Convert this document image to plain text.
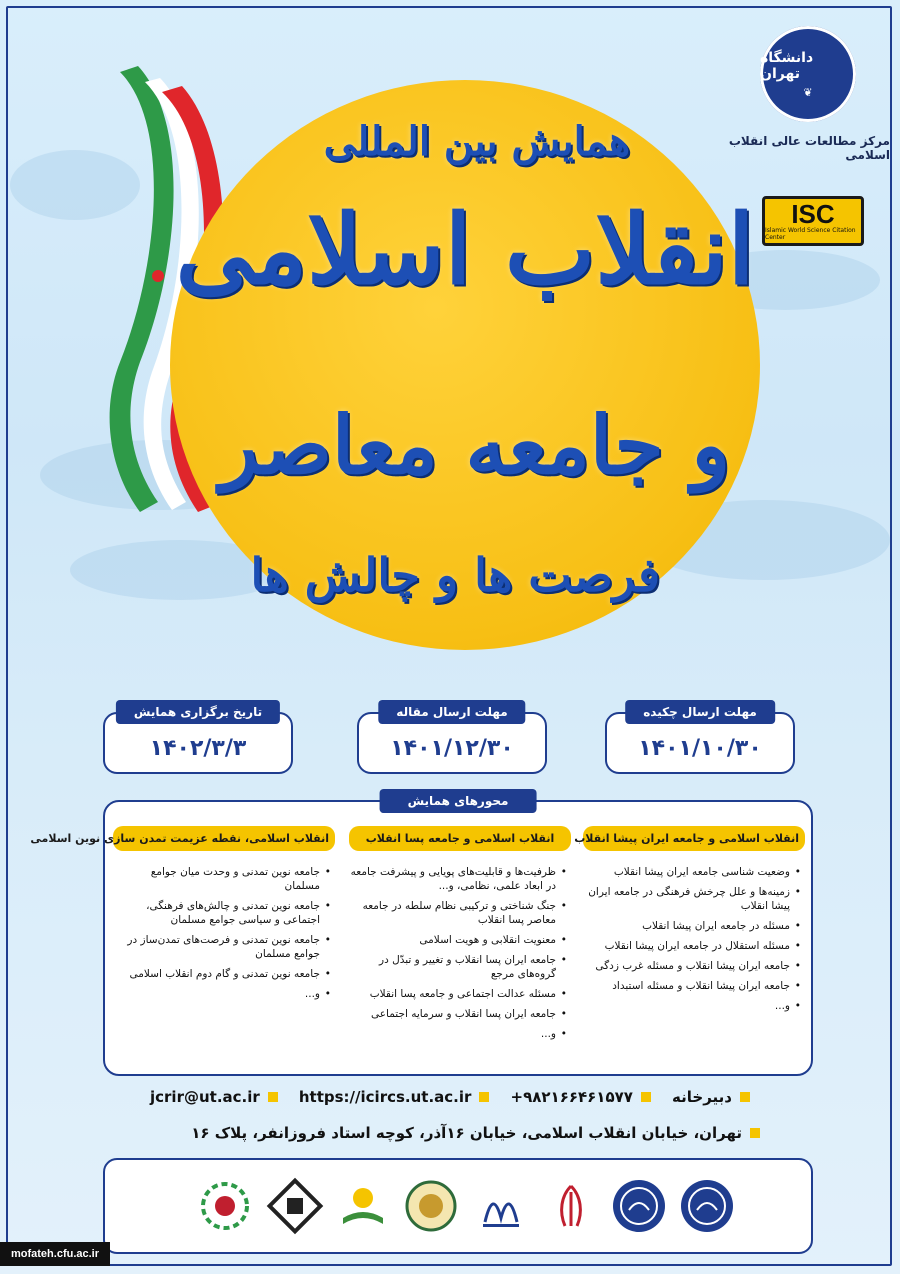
دانشگاه تهران
❦
مرکز مطالعات عالی انقلاب اسلامی
ISC
Islamic World Science Citation Center
همایش بین المللی
انقلاب اسلامی
و جامعه معاصر
فرصت ها و چالش ها
مهلت ارسال چکیده
۱۴۰۱/۱۰/۳۰
مهلت ارسال مقاله
۱۴۰۱/۱۲/۳۰
تاریخ برگزاری همایش
۱۴۰۲/۳/۳
محورهای همایش
انقلاب اسلامی و جامعه ایران پیشا انقلاب
• وضعیت شناسی جامعه ایران پیشا انقلاب
• زمینه‌ها و علل چرخش فرهنگی در جامعه ایران پیشا انقلاب
• مسئله در جامعه ایران پیشا انقلاب
• مسئله استقلال در جامعه ایران پیشا انقلاب
• جامعه ایران پیشا انقلاب و مسئله غرب زدگی
• جامعه ایران پیشا انقلاب و مسئله استبداد
• و...
انقلاب اسلامی و جامعه پسا انقلاب
• ظرفیت‌ها و قابلیت‌های پویایی و پیشرفت جامعه در ابعاد علمی، نظامی، و...
• جنگ شناختی و ترکیبی نظام سلطه در جامعه معاصر پسا انقلاب
• معنویت انقلابی و هویت اسلامی
• جامعه ایران پسا انقلاب و تغییر و تبدّل در گروه‌های مرجع
• مسئله عدالت اجتماعی و جامعه پسا انقلاب
• جامعه ایران پسا انقلاب و سرمایه اجتماعی
• و...
انقلاب اسلامی، نقطه عزیمت تمدن سازی نوین اسلامی
• جامعه نوین تمدنی و وحدت میان جوامع مسلمان
• جامعه نوین تمدنی و چالش‌های فرهنگی، اجتماعی و سیاسی جوامع مسلمان
• جامعه نوین تمدنی و فرصت‌های تمدن‌ساز در جوامع مسلمان
• جامعه نوین تمدنی و گام دوم انقلاب اسلامی
• و...
دبیرخانه
+۹۸۲۱۶۶۴۶۱۵۷۷
https://icircs.ut.ac.ir
jcrir@ut.ac.ir
تهران، خیابان انقلاب اسلامی، خیابان ۱۶آذر، کوچه استاد فروزانفر، پلاک ۱۶
mofateh.cfu.ac.ir
